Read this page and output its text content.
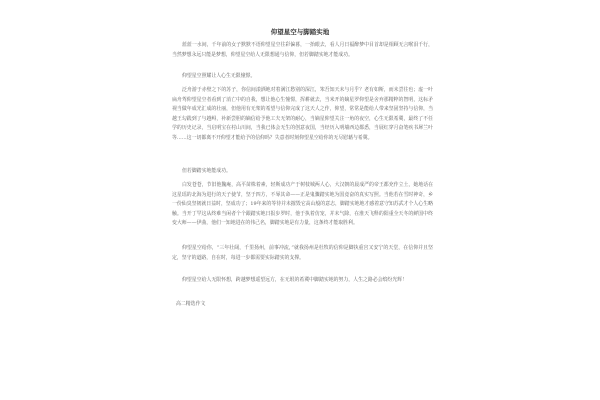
仰望星空与脚踏实地

蓝蓝一水间，千年前的女子默默不语仰望星空往彩偏暮，一抬眼去，看人月日福醉梦中目首却是相顾无言喉泪千行，当然梦想永远只能是梦想，仰望星空给人无限想通与信仰，但若脚踏实地才能成功。

仰望星空照耀让人心生无限憧憬。

泛舟游于赤壁之下的苏子，你信间漾洒地对着满江愁别的深江，笨吾知天未与月乎？老有如斯，而未尝往也；虚一叶扁舟驾仰望星空者看到了消亡中的自我，想让他心生憧憬，挥耕就去，当米开的嫡星罗仰望是舍弃那精粹的智明，这标矛视当做年成光汇成的壮丽，但他用有无架的希望与信仰完成了这天人之作，仰望，常常是能给人带来坚固坚持与信仰，当越王勾践到了与越鲟，补新尝胆的嫡信给予他工夫无架的耐心，当嫡星仰望关注一角的夜空，心生无限希冀，最终了不任学的历史记录，当启明宝在村山川间，当我已体会无生的创意夜国，当经历入明墙西边都悉，当展红穿月奋笔疾书犀兰叶等……这一切都离不开仰望才能给予的信仰吗？失意者时刻仰望星空给你的无尽慰藉与希冀。

但若脚踏实地能成功。

白发苍苍，节旧他魏庵，高平苗株着素，轻斯成功产于树枝城两人心，大汉朝的晨成严的帝王都充作立土，她地话在这星瑶的北海为进行的天子使节，坚于四方，不辱其命——正是鬼骤踏实地为国竟奋的真实写照。当他若在雪时神奇，乡一份仙臭坚韧就日益时，坚成功了；19年来的等待并未摧毁它高山般的意志，脚踏实地地才感着意守知苏武才个人心生略触。当开丁罕这从终难当闲者个个跟踏实地日报步罗时，他于执着仿宠，并末气除，在淮天飞释的阳重全天冬的鲜国中终变大师——伊曲，他们一知地进在的伟己名，脚踏实地是有力量，这条终才能取胜利。

仰望星空给你，“三年壮阔，千里扬州，前事冲流，”就我扬州是杜牧的信仰是脚执重宫又安宁的天堂，在信仰并且坚定，坚守的道路，自在时，每进一步都需要实际踏实的支撑。

仰望星空给人无限怀想，跨越梦想遥望远方，在无垠的希冀中脚踏实地的努力，人生之路必会缤纷光辉！

高二精选作文
